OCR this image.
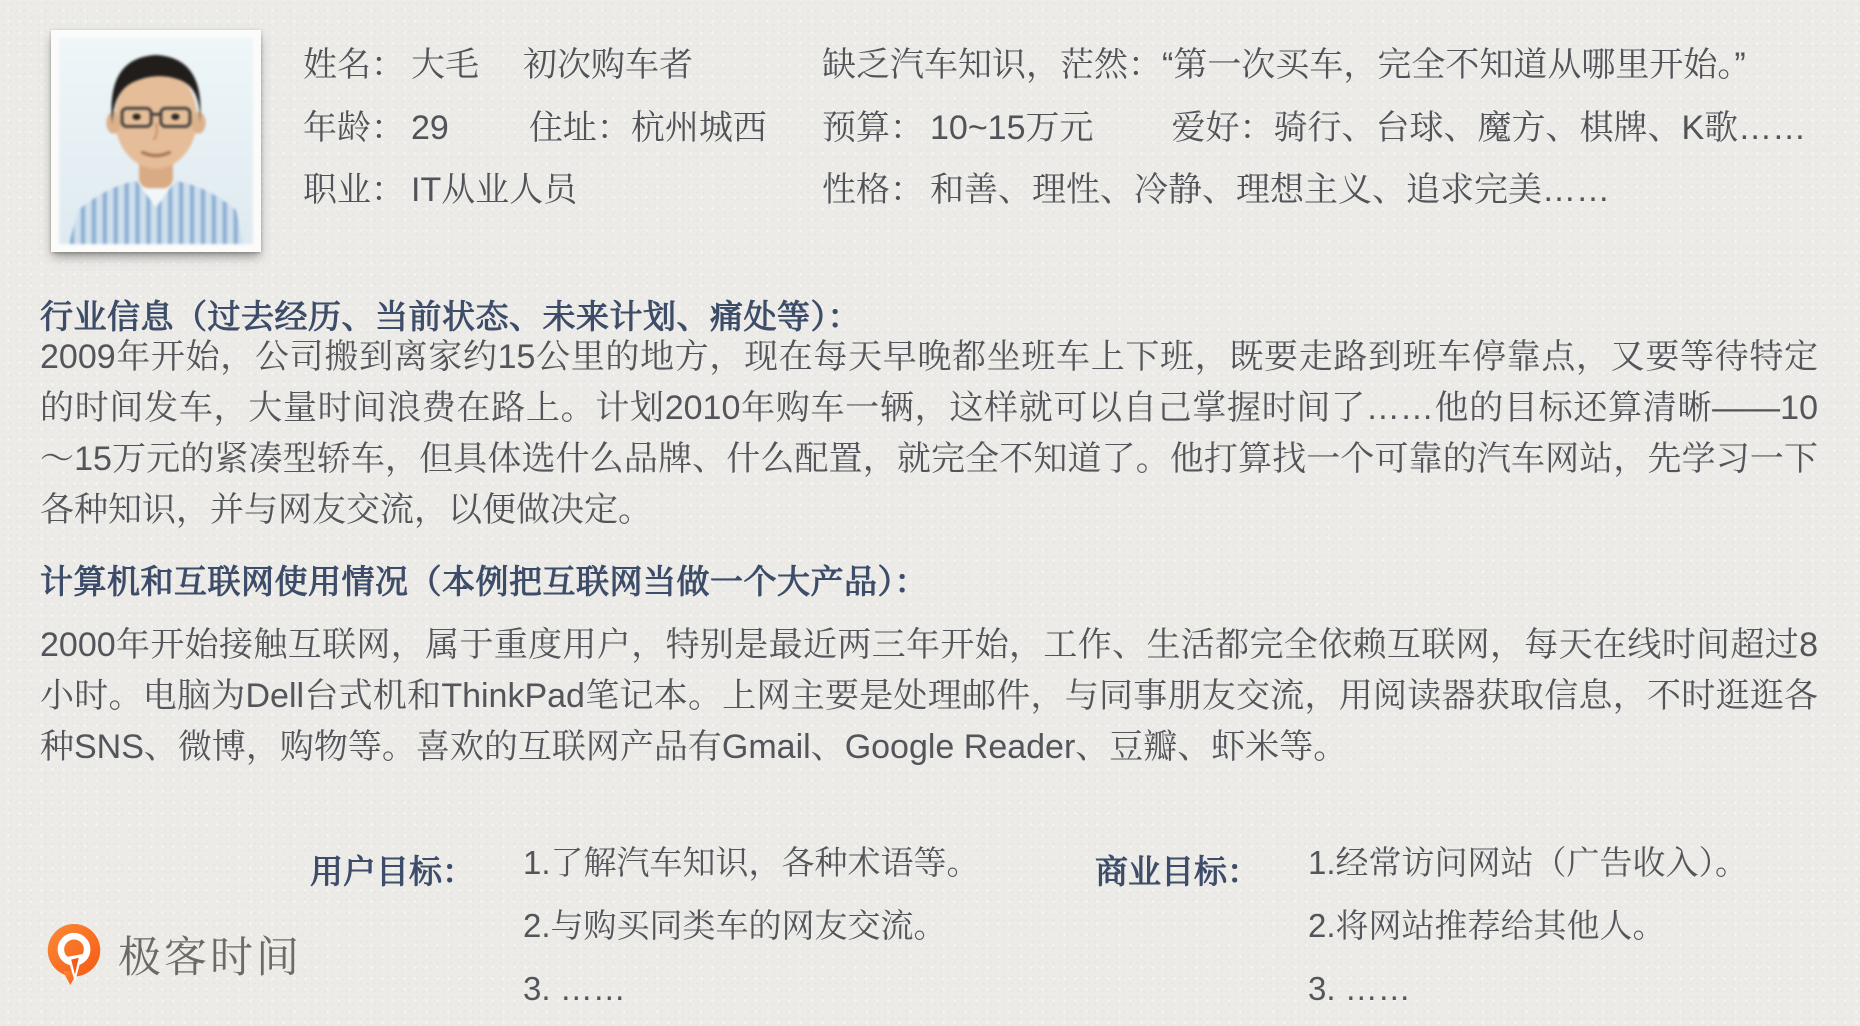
姓名： 大毛 初次购车者
年龄： 29 住址：杭州城西
职业： IT从业人员
缺乏汽车知识，茫然：“第一次买车，完全不知道从哪里开始。”
预算： 10~15万元 爱好：骑行、台球、魔方、棋牌、K歌……
性格： 和善、理性、冷静、理想主义、追求完美……
行业信息（过去经历、当前状态、未来计划、痛处等）：

2009年开始，公司搬到离家约15公里的地方，现在每天早晚都坐班车上下班，既要走路到班车停靠点，又要等待特定的时间发车，大量时间浪费在路上。计划2010年购车一辆，这样就可以自己掌握时间了……他的目标还算清晰——10～15万元的紧凑型轿车，但具体选什么品牌、什么配置，就完全不知道了。他打算找一个可靠的汽车网站，先学习一下各种知识，并与网友交流，以便做决定。

计算机和互联网使用情况（本例把互联网当做一个大产品）：

2000年开始接触互联网，属于重度用户，特别是最近两三年开始，工作、生活都完全依赖互联网，每天在线时间超过8小时。电脑为Dell台式机和ThinkPad笔记本。上网主要是处理邮件，与同事朋友交流，用阅读器获取信息，不时逛逛各种SNS、微博，购物等。喜欢的互联网产品有Gmail、Google Reader、豆瓣、虾米等。

用户目标： 1.了解汽车知识，各种术语等。
2.与购买同类车的网友交流。
3. ……
商业目标： 1.经常访问网站（广告收入）。
2.将网站推荐给其他人。
3. ……
极客时间
